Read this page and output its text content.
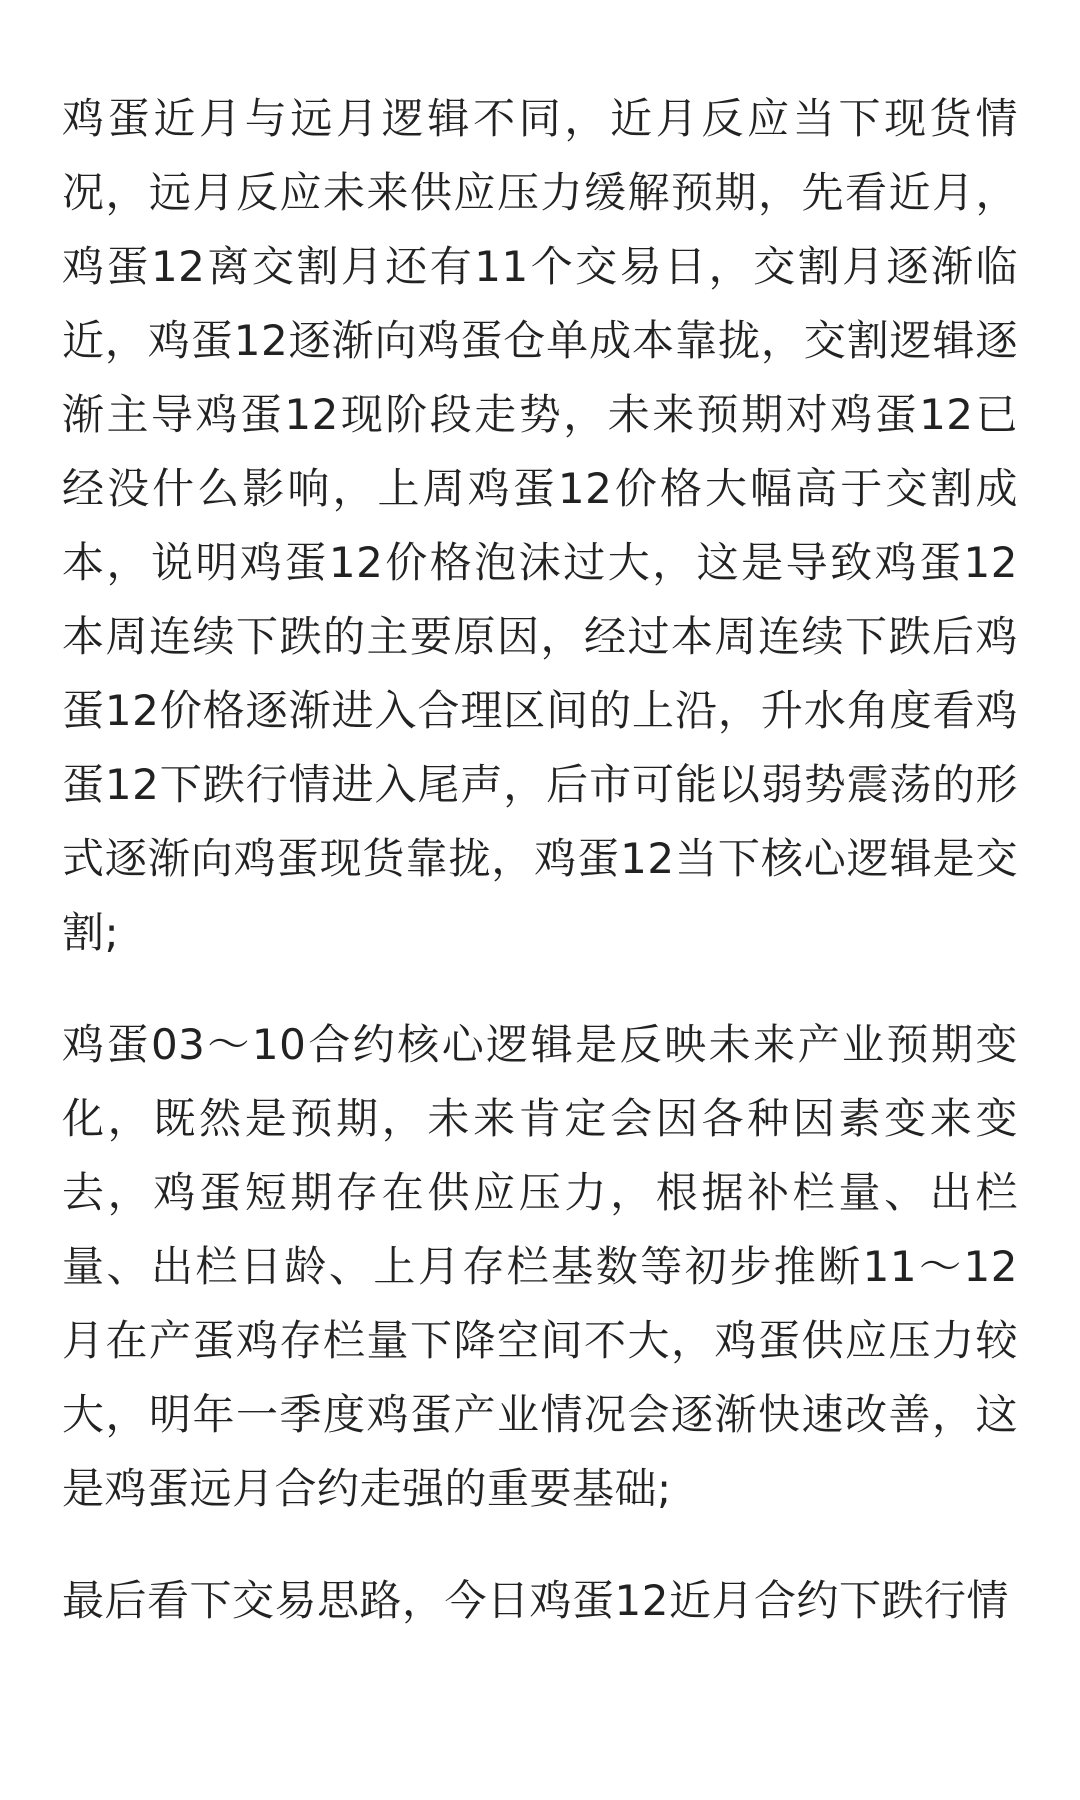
鸡蛋近月与远月逻辑不同，近月反应当下现货情况，远月反应未来供应压力缓解预期，先看近月，鸡蛋12离交割月还有11个交易日，交割月逐渐临近，鸡蛋12逐渐向鸡蛋仓单成本靠拢，交割逻辑逐渐主导鸡蛋12现阶段走势，未来预期对鸡蛋12已经没什么影响，上周鸡蛋12价格大幅高于交割成本，说明鸡蛋12价格泡沫过大，这是导致鸡蛋12本周连续下跌的主要原因，经过本周连续下跌后鸡蛋12价格逐渐进入合理区间的上沿，升水角度看鸡蛋12下跌行情进入尾声，后市可能以弱势震荡的形式逐渐向鸡蛋现货靠拢，鸡蛋12当下核心逻辑是交割;

鸡蛋03～10合约核心逻辑是反映未来产业预期变化，既然是预期，未来肯定会因各种因素变来变去，鸡蛋短期存在供应压力，根据补栏量、出栏量、出栏日龄、上月存栏基数等初步推断11～12月在产蛋鸡存栏量下降空间不大，鸡蛋供应压力较大，明年一季度鸡蛋产业情况会逐渐快速改善，这是鸡蛋远月合约走强的重要基础;

最后看下交易思路，今日鸡蛋12近月合约下跌行情
